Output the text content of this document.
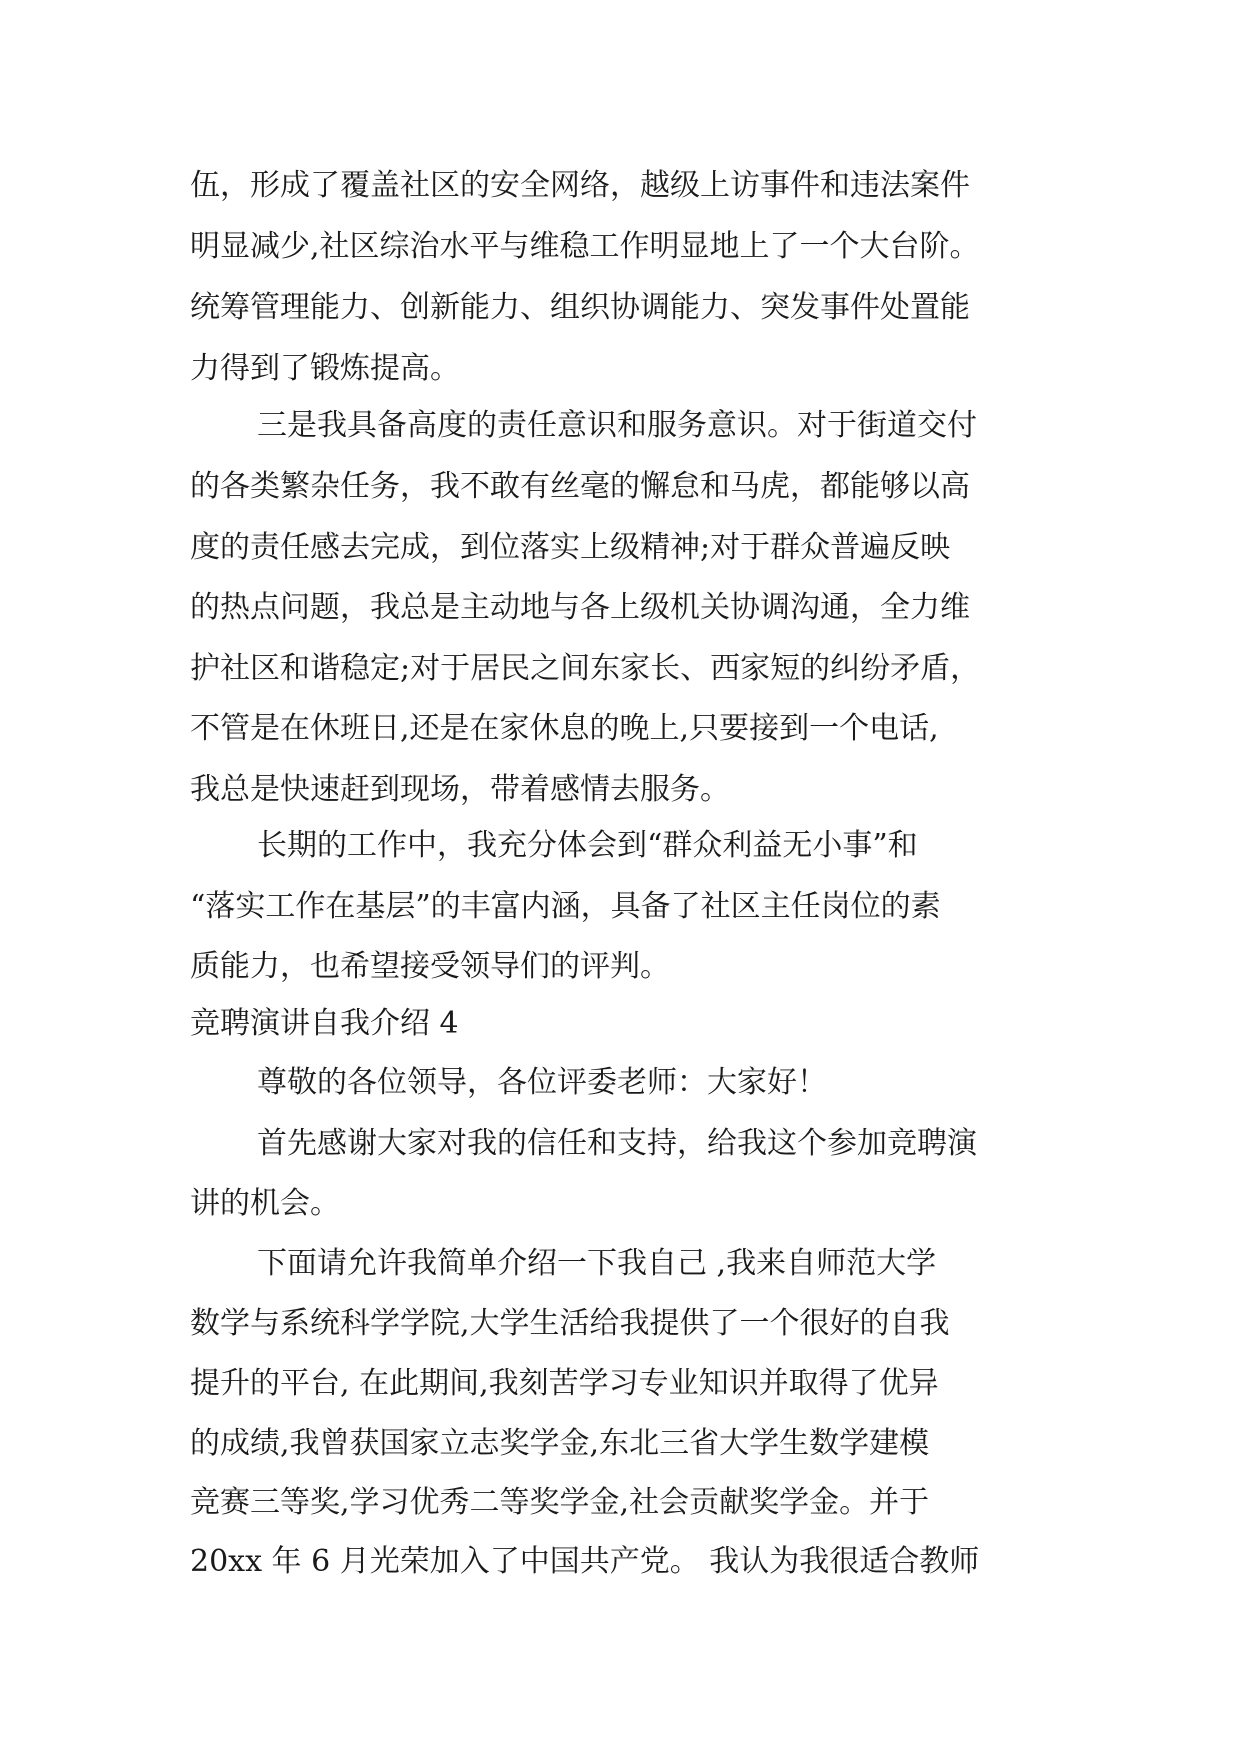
伍，形成了覆盖社区的安全网络，越级上访事件和违法案件
明显减少,社区综治水平与维稳工作明显地上了一个大台阶。
统筹管理能力、创新能力、组织协调能力、突发事件处置能
力得到了锻炼提高。
三是我具备高度的责任意识和服务意识。对于街道交付
的各类繁杂任务，我不敢有丝毫的懈怠和马虎，都能够以高
度的责任感去完成，到位落实上级精神;对于群众普遍反映
的热点问题，我总是主动地与各上级机关协调沟通，全力维
护社区和谐稳定;对于居民之间东家长、西家短的纠纷矛盾，
不管是在休班日,还是在家休息的晚上,只要接到一个电话,
我总是快速赶到现场，带着感情去服务。
长期的工作中，我充分体会到“群众利益无小事”和
“落实工作在基层”的丰富内涵，具备了社区主任岗位的素
质能力，也希望接受领导们的评判。
竞聘演讲自我介绍 4
尊敬的各位领导，各位评委老师：大家好！
首先感谢大家对我的信任和支持，给我这个参加竞聘演
讲的机会。
下面请允许我简单介绍一下我自己 ,我来自师范大学
数学与系统科学学院,大学生活给我提供了一个很好的自我
提升的平台, 在此期间,我刻苦学习专业知识并取得了优异
的成绩,我曾获国家立志奖学金,东北三省大学生数学建模
竞赛三等奖,学习优秀二等奖学金,社会贡献奖学金。并于
20xx 年 6 月光荣加入了中国共产党。 我认为我很适合教师
